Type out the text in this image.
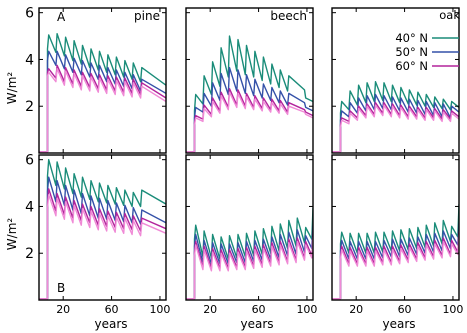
W/m²
W/m²
years	years	years
2
4
6 A	pine	beech
2
4
6
20	60	100
B
20	60	100	20	60	100
oak
40° N
50° N
60° N
